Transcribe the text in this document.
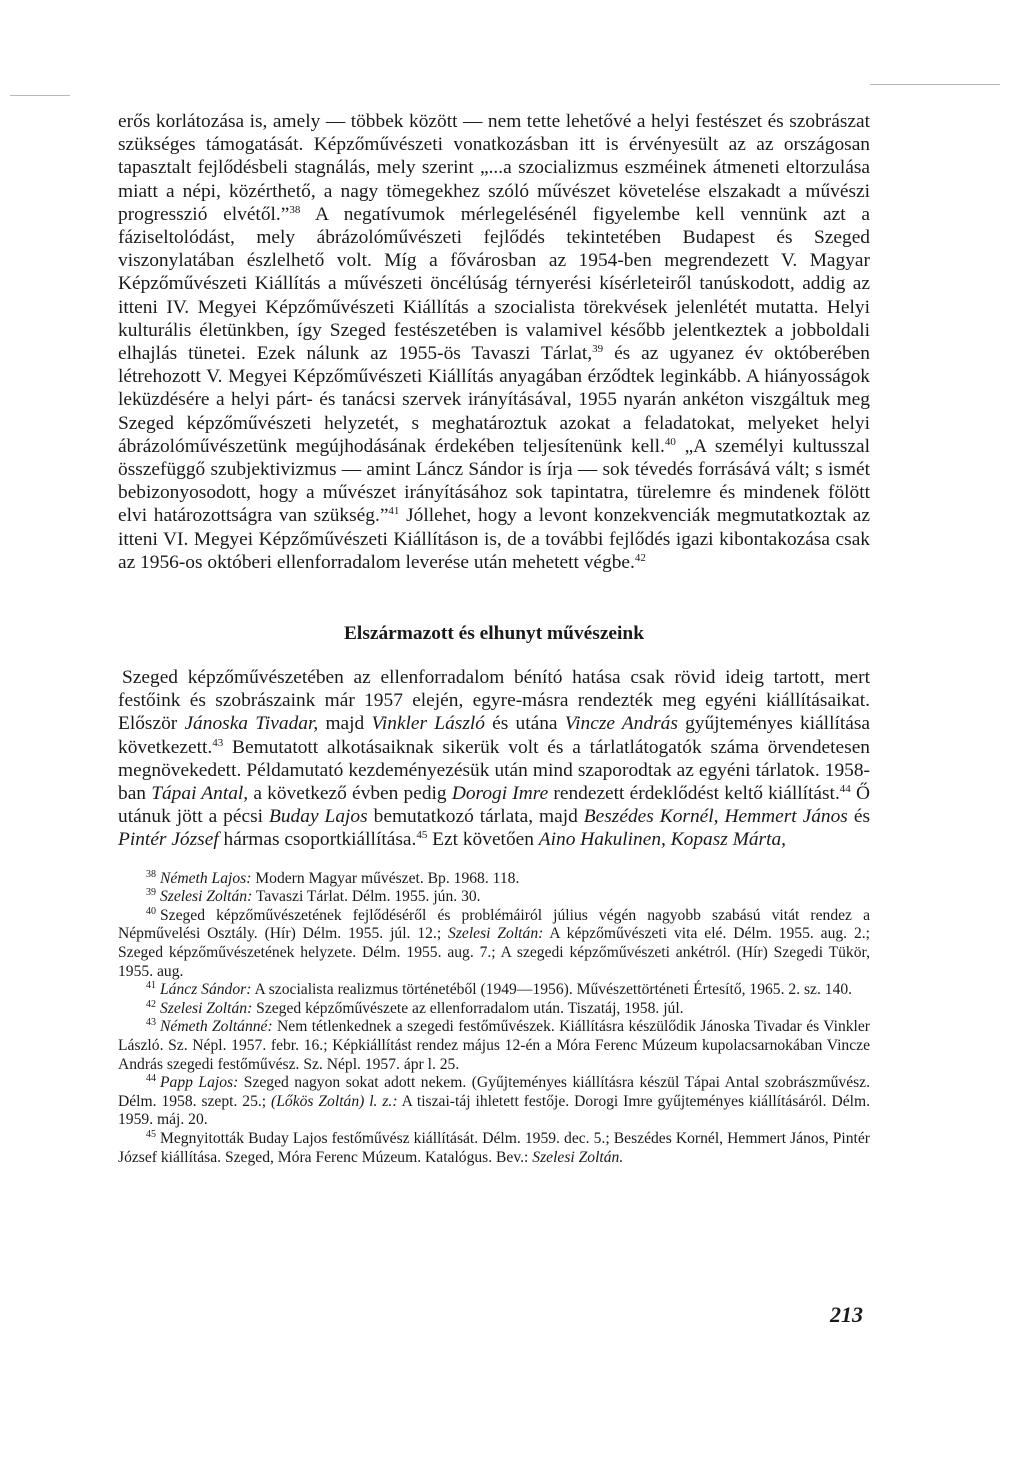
erős korlátozása is, amely — többek között — nem tette lehetővé a helyi festészet és szobrászat szükséges támogatását. Képzőművészeti vonatkozásban itt is érvényesült az az országosan tapasztalt fejlődésbeli stagnálás, mely szerint „...a szocializmus eszméinek átmeneti eltorzulása miatt a népi, közérthető, a nagy tömegekhez szóló művészet követelése elszakadt a művészi progresszió elvétől.”$^{38}$ A negatívumok mérlegelésénél figyelembe kell vennünk azt a fáziseltolódást, mely ábrázolóművészeti fejlődés tekintetében Budapest és Szeged viszonylatában észlelhető volt. Míg a fővárosban az 1954-ben megrendezett V. Magyar Képzőművészeti Kiállítás a művészeti öncélúság térnyerési kísérleteiről tanúskodott, addig az itteni IV. Megyei Képzőművészeti Kiállítás a szocialista törekvések jelenlétét mutatta. Helyi kulturális életünkben, így Szeged festészetében is valamivel később jelentkeztek a jobboldali elhajlás tünetei. Ezek nálunk az 1955-ös Tavaszi Tárlat,$^{39}$ és az ugyanez év októberében létrehozott V. Megyei Képzőművészeti Kiállítás anyagában érződtek leginkább. A hiányosságok leküzdésére a helyi párt- és tanácsi szervek irányításával, 1955 nyarán ankéton viszgáltuk meg Szeged képzőművészeti helyzetét, s meghatároztuk azokat a feladatokat, melyeket helyi ábrázolóművészetünk megújhodásának érdekében teljesítenünk kell.$^{40}$ „A személyi kultusszal összefüggő szubjektivizmus — amint Láncz Sándor is írja — sok tévedés forrásává vált; s ismét bebizonyosodott, hogy a művészet irányításához sok tapintatra, türelemre és mindenek fölött elvi határozottságra van szükség.”$^{41}$ Jóllehet, hogy a levont konzekvenciák megmutatkoztak az itteni VI. Megyei Képzőművészeti Kiállításon is, de a további fejlődés igazi kibontakozása csak az 1956-os októberi ellenforradalom leverése után mehetett végbe.$^{42}$

Elszármazott és elhunyt művészeink

Szeged képzőművészetében az ellenforradalom bénító hatása csak rövid ideig tartott, mert festőink és szobrászaink már 1957 elején, egyre-másra rendezték meg egyéni kiállításaikat. Először Jánoska Tivadar, majd Vinkler László és utána Vincze András gyűjteményes kiállítása következett.$^{43}$ Bemutatott alkotásaiknak sikerük volt és a tárlatlátogatók száma örvendetesen megnövekedett. Példamutató kezdeményezésük után mind szaporodtak az egyéni tárlatok. 1958-ban Tápai Antal, a következő évben pedig Dorogi Imre rendezett érdeklődést keltő kiállítást.$^{44}$ Ő utánuk jött a pécsi Buday Lajos bemutatkozó tárlata, majd Beszédes Kornél, Hemmert János és Pintér József hármas csoportkiállítása.$^{45}$ Ezt követően Aino Hakulinen, Kopasz Márta,

$^{38}$ Németh Lajos: Modern Magyar művészet. Bp. 1968. 118.

$^{39}$ Szelesi Zoltán: Tavaszi Tárlat. Délm. 1955. jún. 30.

$^{40}$ Szeged képzőművészetének fejlődéséről és problémáiról július végén nagyobb szabású vitát rendez a Népművelési Osztály. (Hír) Délm. 1955. júl. 12.; Szelesi Zoltán: A képzőművészeti vita elé. Délm. 1955. aug. 2.; Szeged képzőművészetének helyzete. Délm. 1955. aug. 7.; A szegedi képzőművészeti ankétról. (Hír) Szegedi Tükör, 1955. aug.

$^{41}$ Láncz Sándor: A szocialista realizmus történetéből (1949—1956). Művészettörténeti Értesítő, 1965. 2. sz. 140.

$^{42}$ Szelesi Zoltán: Szeged képzőművészete az ellenforradalom után. Tiszatáj, 1958. júl.

$^{43}$ Németh Zoltánné: Nem tétlenkednek a szegedi festőművészek. Kiállításra készülődik Jánoska Tivadar és Vinkler László. Sz. Népl. 1957. febr. 16.; Képkiállítást rendez május 12-én a Móra Ferenc Múzeum kupolacsarnokában Vincze András szegedi festőművész. Sz. Népl. 1957. ápr l. 25.

$^{44}$ Papp Lajos: Szeged nagyon sokat adott nekem. (Gyűjteményes kiállításra készül Tápai Antal szobrászművész. Délm. 1958. szept. 25.; (Lőkös Zoltán) l. z.: A tiszai-táj ihletett festője. Dorogi Imre gyűjteményes kiállításáról. Délm. 1959. máj. 20.

$^{45}$ Megnyitották Buday Lajos festőművész kiállítását. Délm. 1959. dec. 5.; Beszédes Kornél, Hemmert János, Pintér József kiállítása. Szeged, Móra Ferenc Múzeum. Katalógus. Bev.: Szelesi Zoltán.

213
